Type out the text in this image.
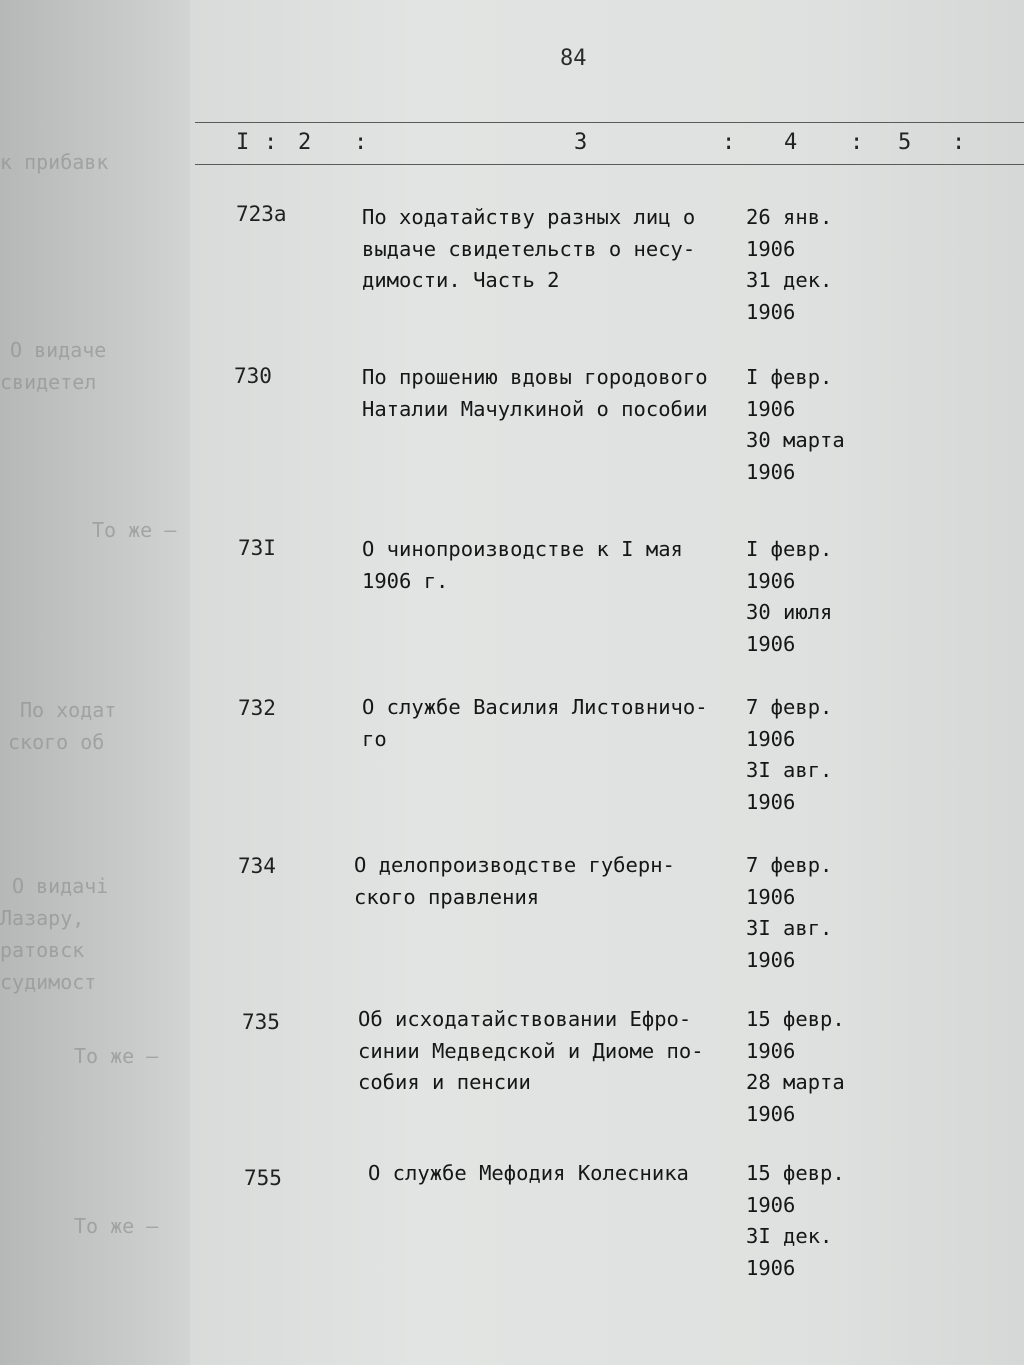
к прибавк
О видаче
свидетел
То же –
По ходат
ского об
О видачі
Лазару,
ратовск
судимост
То же –
То же –
84
I : 2 :	3	: 4 : 5 :
723а	По ходатайству разных лиц о
выдаче свидетельств о несу-
димости. Часть 2
26 янв.
1906
31 дек.
1906
730	По прошению вдовы городового
Наталии Мачулкиной о пособии
I февр.
1906
30 марта
1906
73I	О чинопроизводстве к I мая
1906 г.
I февр.
1906
30 июля
1906
732	О службе Василия Листовничо-
го
7 февр.
1906
3I авг.
1906
734	О делопроизводстве губерн-
ского правления
7 февр.
1906
3I авг.
1906
735	Об исходатайствовании Ефро-
синии Медведской и Диоме по-
собия и пенсии
15 февр.
1906
28 марта
1906
755	О службе Мефодия Колесника	15 февр.
1906
3I дек.
1906
